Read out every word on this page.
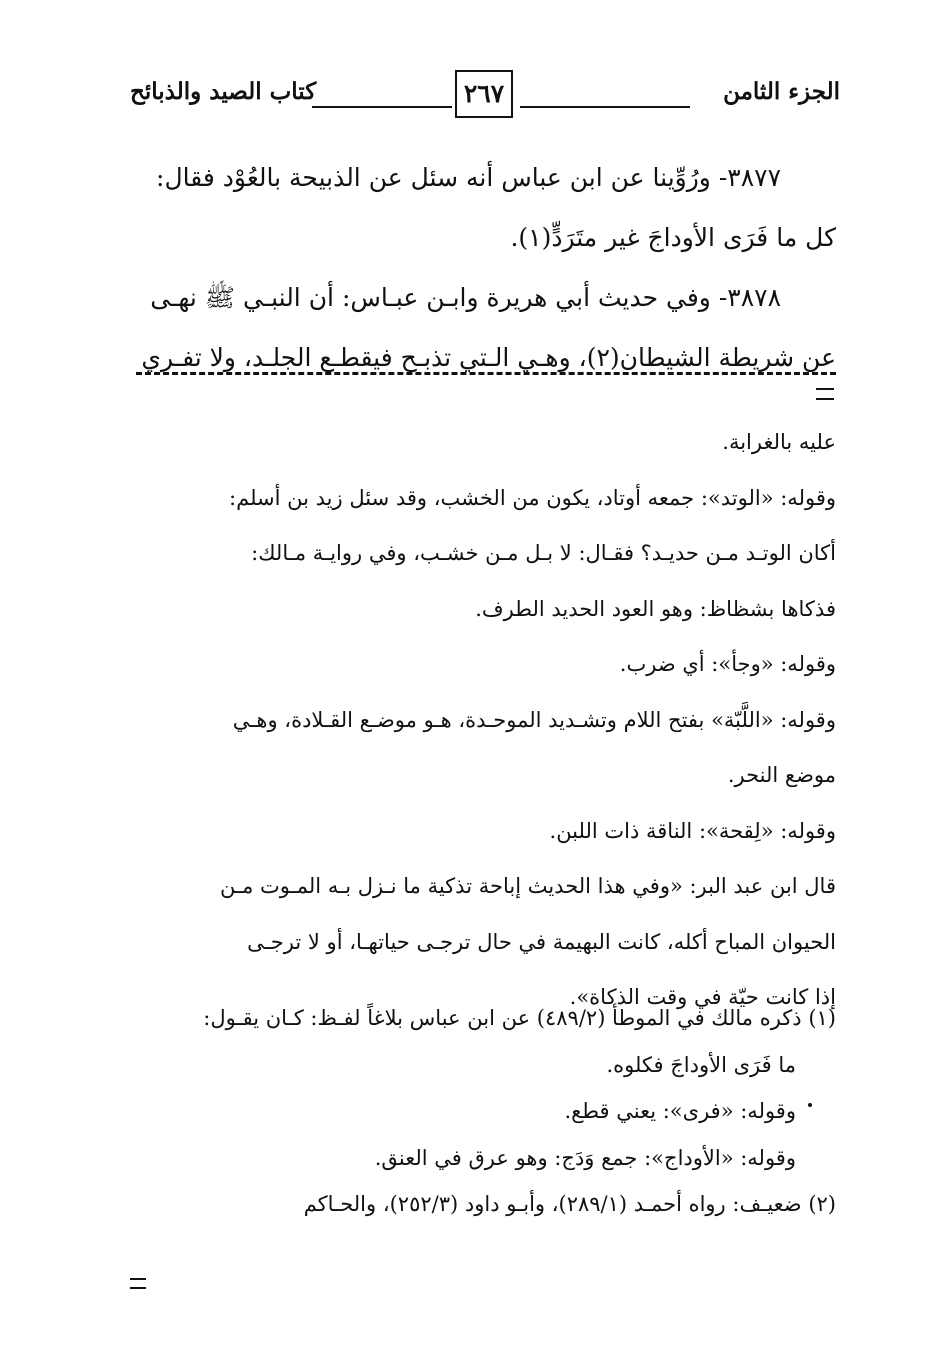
الجزء الثامن
٢٦٧
كتاب الصيد والذبائح

٣٨٧٧- ورُوِّينا عن ابن عباس أنه سئل عن الذبيحة بالعُوْد فقال:
كل ما فَرَى الأوداجَ غير متَرَدٍّ(١).

٣٨٧٨- وفي حديث أبي هريرة وابـن عبـاس: أن النبـي ﷺ نهـى
عن شريطة الشيطان(٢)، وهـي الـتي تذبـح فيقطـع الجلـد، ولا تفـري

عليه بالغرابة.
وقوله: «الوتد»: جمعه أوتاد، يكون من الخشب، وقد سئل زيد بن أسلم:
أكان الوتـد مـن حديـد؟ فقـال: لا بـل مـن خشـب، وفي روايـة مـالك:
فذكاها بشظاظ: وهو العود الحديد الطرف.
وقوله: «وجأ»: أي ضرب.
وقوله: «اللَّبّة» بفتح اللام وتشـديد الموحـدة، هـو موضـع القـلادة، وهـي
موضع النحر.
وقوله: «لِقحة»: الناقة ذات اللبن.
قال ابن عبد البر: «وفي هذا الحديث إباحة تذكية ما نـزل بـه المـوت مـن
الحيوان المباح أكله، كانت البهيمة في حال ترجـى حياتهـا، أو لا ترجـى
إذا كانت حيّة في وقت الذكاة».
(١) ذكره مالك في الموطأ (٤٨٩/٢) عن ابن عباس بلاغاً لفـظ: كـان يقـول:
ما فَرَى الأوداجَ فكلوه.
وقوله: «فرى»: يعني قطع.
وقوله: «الأوداج»: جمع وَدَج: وهو عرق في العنق.
(٢) ضعيـف: رواه أحمـد (٢٨٩/١)، وأبـو داود (٢٥٢/٣)، والحـاكم
